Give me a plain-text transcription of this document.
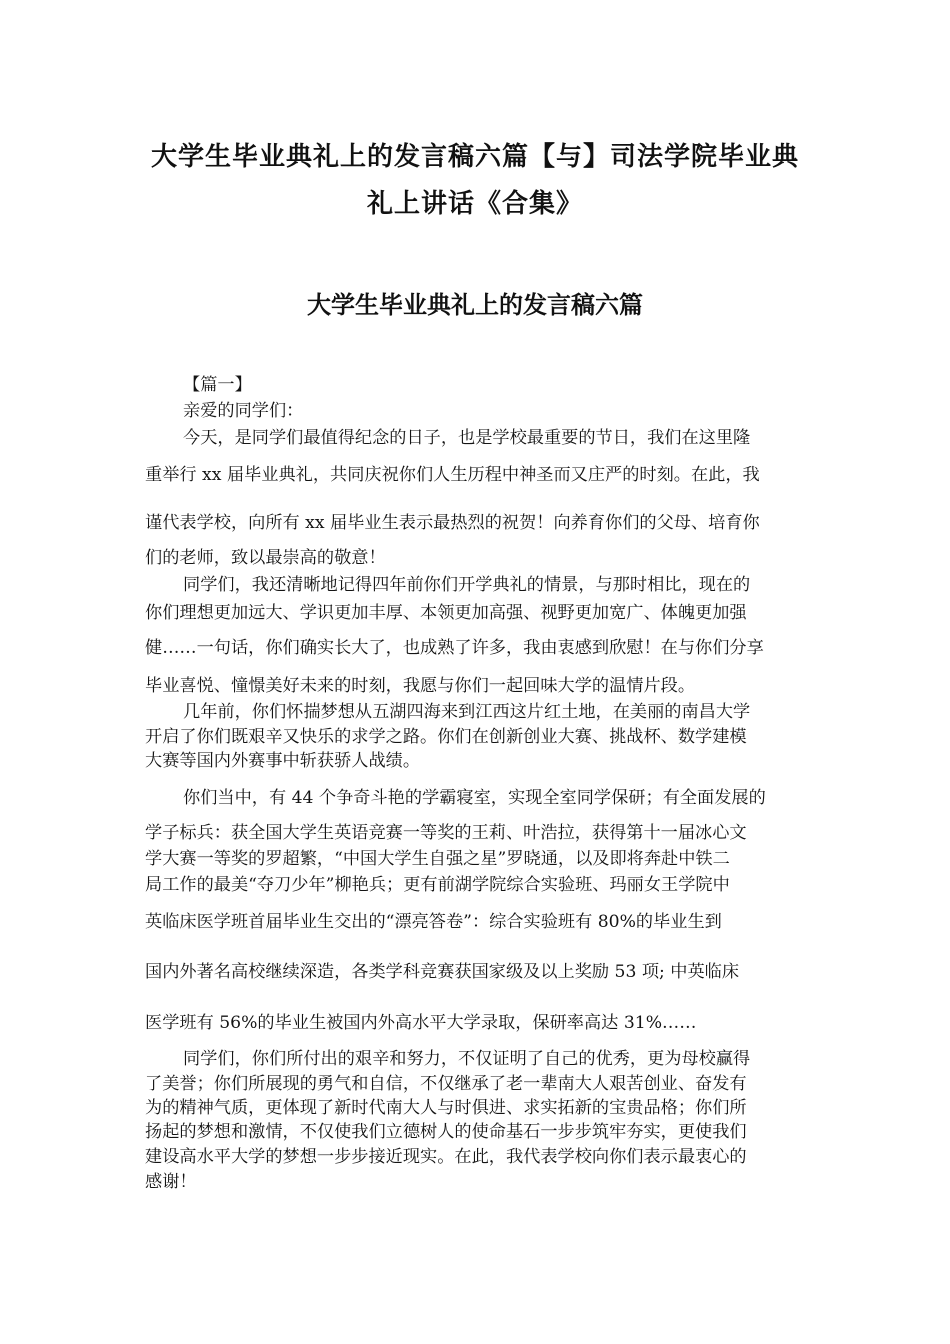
大学生毕业典礼上的发言稿六篇【与】司法学院毕业典
礼上讲话《合集》
大学生毕业典礼上的发言稿六篇
【篇一】
亲爱的同学们：
今天，是同学们最值得纪念的日子，也是学校最重要的节日，我们在这里隆
重举行 xx 届毕业典礼，共同庆祝你们人生历程中神圣而又庄严的时刻。在此，我
谨代表学校，向所有 xx 届毕业生表示最热烈的祝贺！向养育你们的父母、培育你
们的老师，致以最崇高的敬意！
同学们，我还清晰地记得四年前你们开学典礼的情景，与那时相比，现在的
你们理想更加远大、学识更加丰厚、本领更加高强、视野更加宽广、体魄更加强
健……一句话，你们确实长大了，也成熟了许多，我由衷感到欣慰！在与你们分享
毕业喜悦、憧憬美好未来的时刻，我愿与你们一起回味大学的温情片段。
几年前，你们怀揣梦想从五湖四海来到江西这片红土地，在美丽的南昌大学
开启了你们既艰辛又快乐的求学之路。你们在创新创业大赛、挑战杯、数学建模
大赛等国内外赛事中斩获骄人战绩。
你们当中，有 44 个争奇斗艳的学霸寝室，实现全室同学保研；有全面发展的
学子标兵：获全国大学生英语竞赛一等奖的王莉、叶浩拉，获得第十一届冰心文
学大赛一等奖的罗超繁，“中国大学生自强之星”罗晓通，以及即将奔赴中铁二
局工作的最美“夺刀少年”柳艳兵；更有前湖学院综合实验班、玛丽女王学院中
英临床医学班首届毕业生交出的“漂亮答卷”：综合实验班有 80%的毕业生到
国内外著名高校继续深造，各类学科竞赛获国家级及以上奖励 53 项; 中英临床
医学班有 56%的毕业生被国内外高水平大学录取，保研率高达 31%……
同学们，你们所付出的艰辛和努力，不仅证明了自己的优秀，更为母校赢得
了美誉；你们所展现的勇气和自信，不仅继承了老一辈南大人艰苦创业、奋发有
为的精神气质，更体现了新时代南大人与时俱进、求实拓新的宝贵品格；你们所
扬起的梦想和激情，不仅使我们立德树人的使命基石一步步筑牢夯实，更使我们
建设高水平大学的梦想一步步接近现实。在此，我代表学校向你们表示最衷心的
感谢！
